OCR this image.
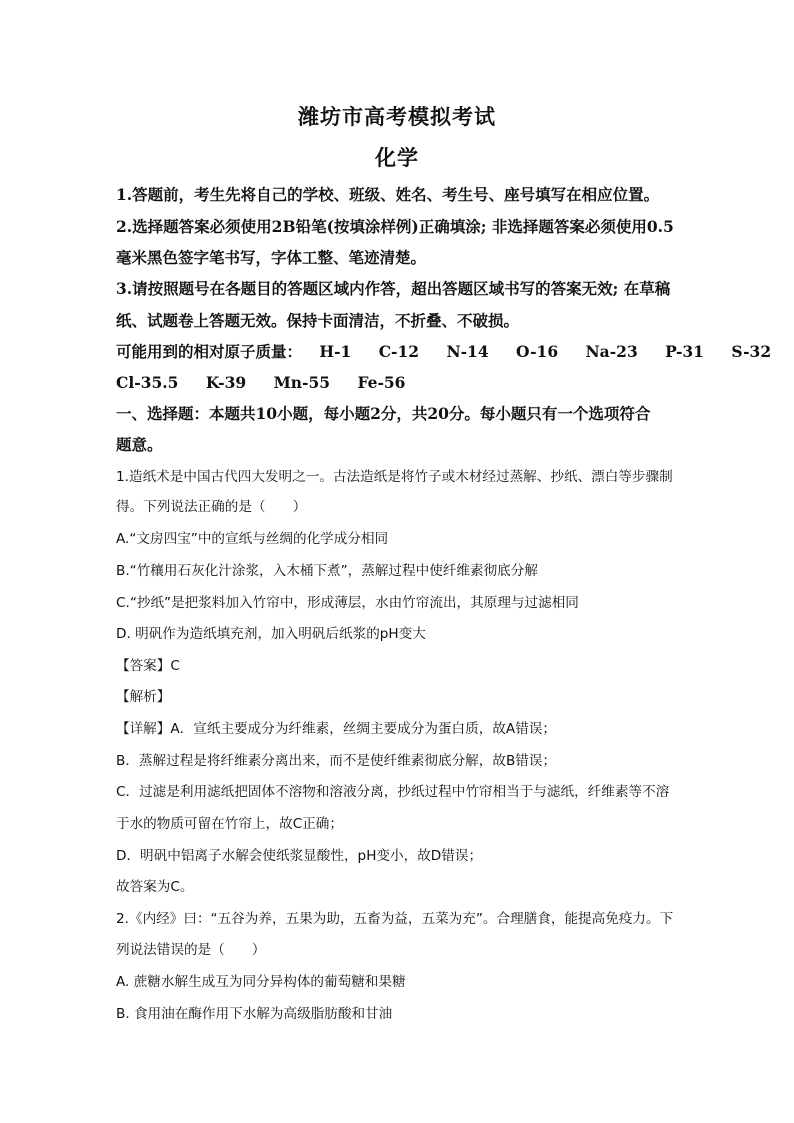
潍坊市高考模拟考试
化学
1.答题前，考生先将自己的学校、班级、姓名、考生号、座号填写在相应位置。
2.选择题答案必须使用2B铅笔(按填涂样例)正确填涂; 非选择题答案必须使用0.5
毫米黑色签字笔书写，字体工整、笔迹清楚。
3.请按照题号在各题目的答题区域内作答，超出答题区域书写的答案无效; 在草稿
纸、试题卷上答题无效。保持卡面清洁，不折叠、不破损。
可能用到的相对原子质量： H-1 C-12 N-14 O-16 Na-23 P-31 S-32
Cl-35.5 K-39 Mn-55 Fe-56
一、选择题：本题共10小题，每小题2分，共20分。每小题只有一个选项符合
题意。
1.造纸术是中国古代四大发明之一。古法造纸是将竹子或木材经过蒸解、抄纸、漂白等步骤制
得。下列说法正确的是（　　）
A.“文房四宝”中的宣纸与丝绸的化学成分相同
B.“竹穰用石灰化汁涂浆，入木桶下煮”，蒸解过程中使纤维素彻底分解
C.“抄纸”是把浆料加入竹帘中，形成薄层，水由竹帘流出，其原理与过滤相同
D. 明矾作为造纸填充剂，加入明矾后纸浆的pH变大
【答案】C
【解析】
【详解】A．宣纸主要成分为纤维素，丝绸主要成分为蛋白质，故A错误；
B．蒸解过程是将纤维素分离出来，而不是使纤维素彻底分解，故B错误；
C．过滤是利用滤纸把固体不溶物和溶液分离，抄纸过程中竹帘相当于与滤纸，纤维素等不溶
于水的物质可留在竹帘上，故C正确；
D．明矾中铝离子水解会使纸浆显酸性，pH变小，故D错误；
故答案为C。
2.《内经》曰：“五谷为养，五果为助，五畜为益，五菜为充”。合理膳食，能提高免疫力。下
列说法错误的是（　　）
A. 蔗糖水解生成互为同分异构体的葡萄糖和果糖
B. 食用油在酶作用下水解为高级脂肪酸和甘油
